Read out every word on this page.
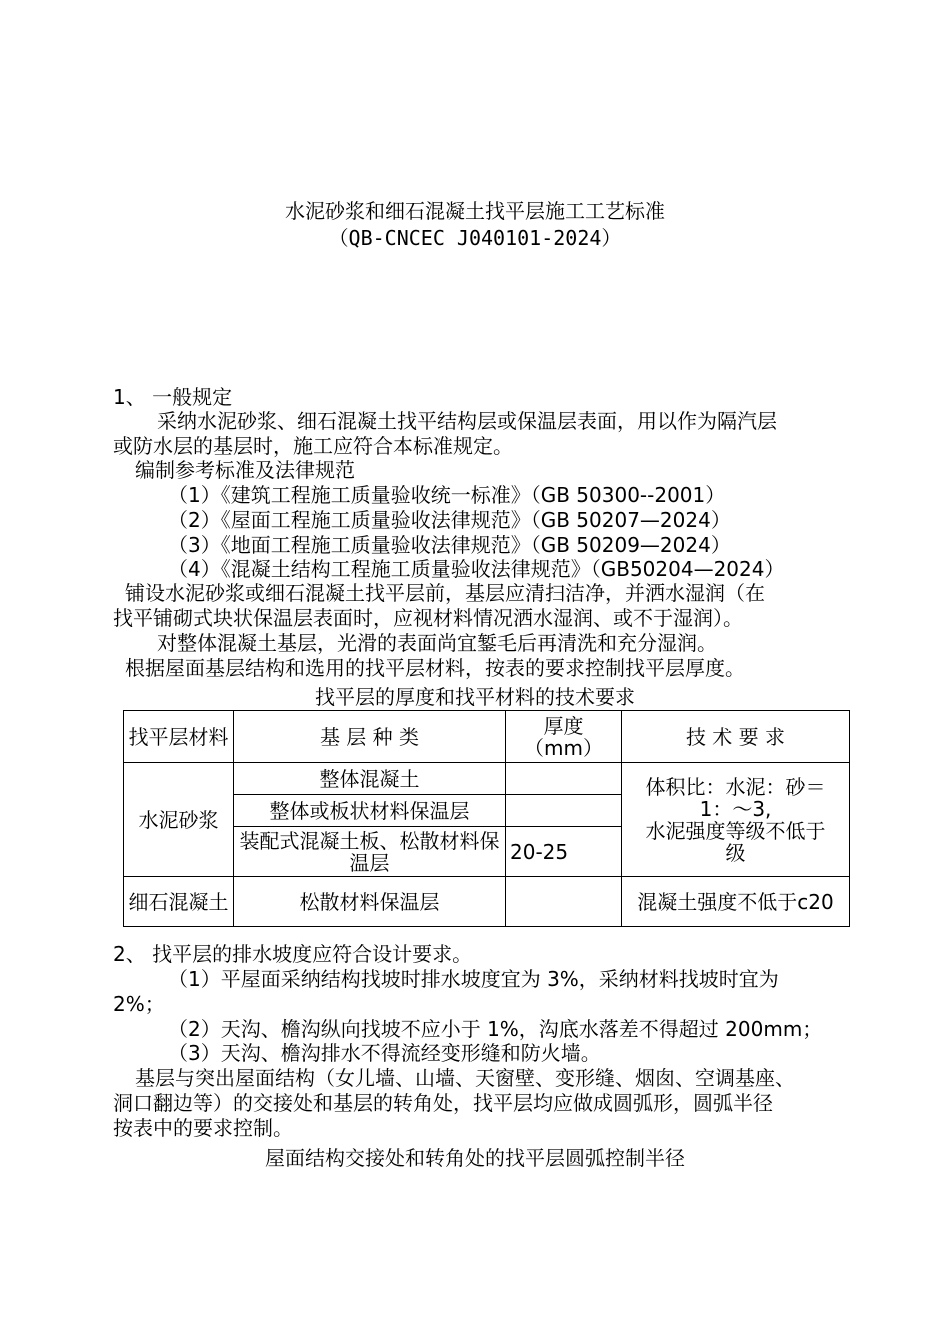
水泥砂浆和细石混凝土找平层施工工艺标准
（QB-CNCEC J040101-2024）
1、 一般规定
采纳水泥砂浆、细石混凝土找平结构层或保温层表面，用以作为隔汽层
或防水层的基层时，施工应符合本标准规定。
编制参考标准及法律规范
（1）《建筑工程施工质量验收统一标准》（GB 50300--2001）
（2）《屋面工程施工质量验收法律规范》（GB 50207—2024）
（3）《地面工程施工质量验收法律规范》（GB 50209—2024）
（4）《混凝土结构工程施工质量验收法律规范》（GB50204—2024）
铺设水泥砂浆或细石混凝土找平层前，基层应清扫洁净，并洒水湿润（在
找平铺砌式块状保温层表面时，应视材料情况洒水湿润、或不于湿润）。
对整体混凝土基层，光滑的表面尚宜錾毛后再清洗和充分湿润。
根据屋面基层结构和选用的找平层材料，按表的要求控制找平层厚度。
找平层的厚度和找平材料的技术要求
找平层材料	基 层 种 类	厚度（mm）	技 术 要 求
水泥砂浆	整体混凝土		体积比：水泥：砂＝
1：～3,
水泥强度等级不低于
级

	整体或板状材料保温层		
	装配式混凝土板、松散材料保温层	20-25	
细石混凝土	松散材料保温层		混凝土强度不低于c20
2、 找平层的排水坡度应符合设计要求。
（1）平屋面采纳结构找坡时排水坡度宜为 3%，采纳材料找坡时宜为
2%；
（2）天沟、檐沟纵向找坡不应小于 1%，沟底水落差不得超过 200mm；
（3）天沟、檐沟排水不得流经变形缝和防火墙。
基层与突出屋面结构（女儿墙、山墙、天窗壁、变形缝、烟囱、空调基座、
洞口翻边等）的交接处和基层的转角处，找平层均应做成圆弧形，圆弧半径
按表中的要求控制。
屋面结构交接处和转角处的找平层圆弧控制半径
